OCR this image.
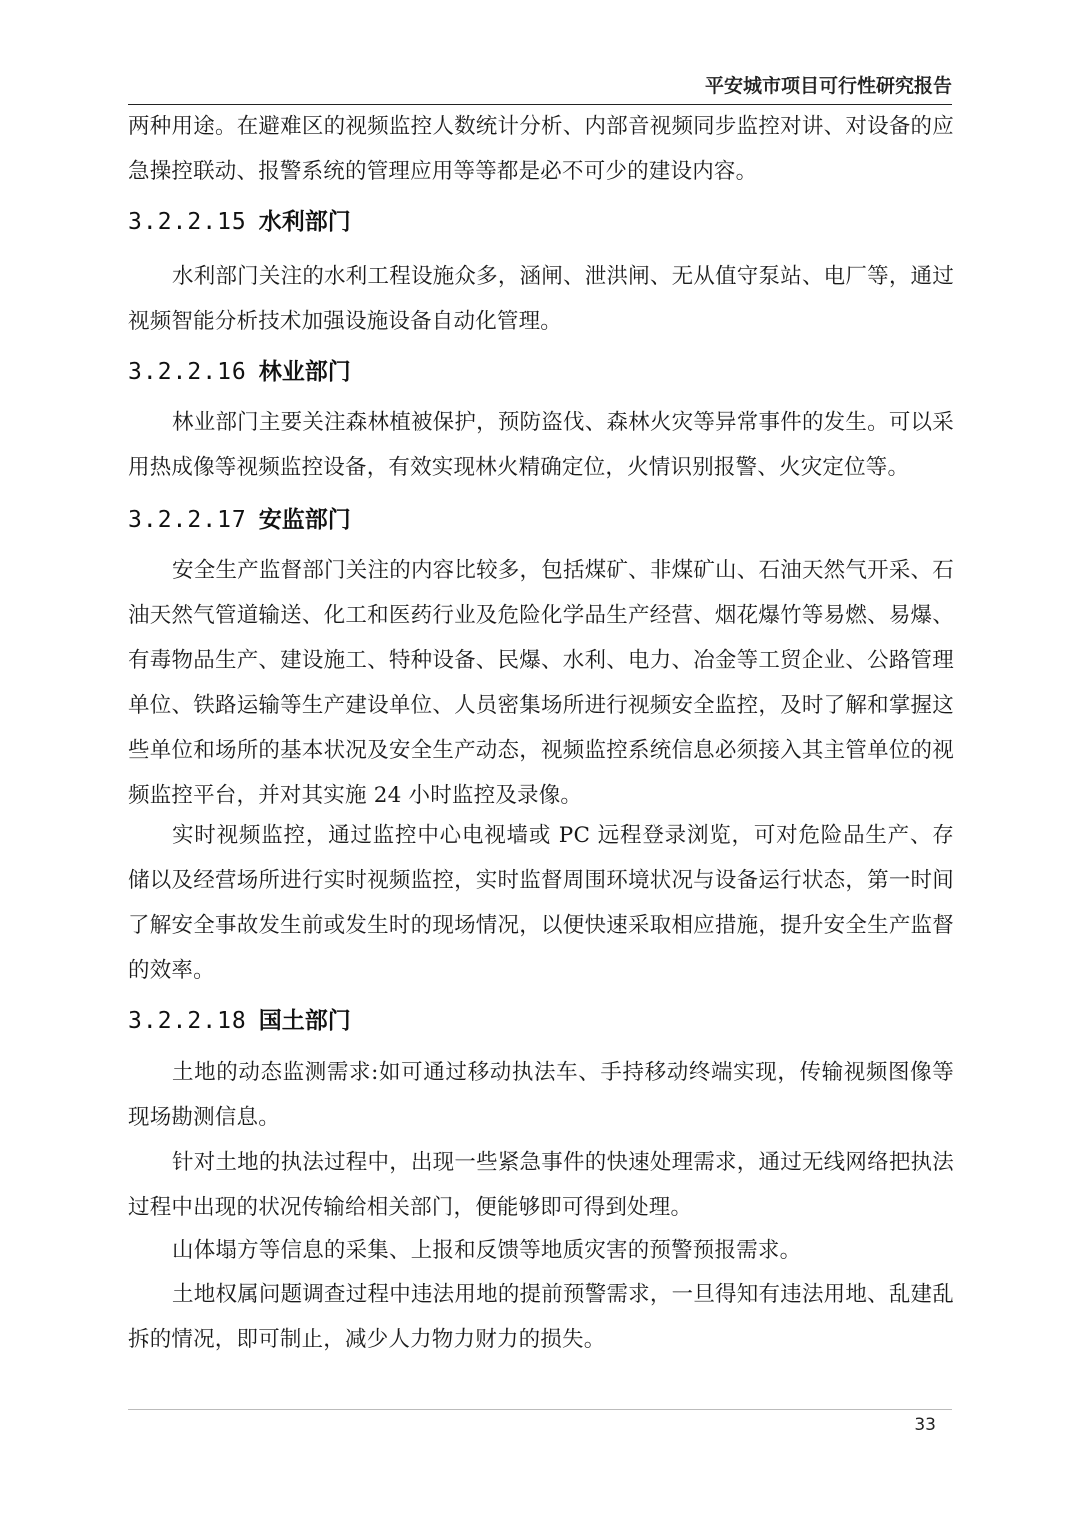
平安城市项目可行性研究报告

两种用途。在避难区的视频监控人数统计分析、内部音视频同步监控对讲、对设备的应急操控联动、报警系统的管理应用等等都是必不可少的建设内容。

3.2.2.15 水利部门

水利部门关注的水利工程设施众多，涵闸、泄洪闸、无从值守泵站、电厂等，通过视频智能分析技术加强设施设备自动化管理。

3.2.2.16 林业部门

林业部门主要关注森林植被保护，预防盗伐、森林火灾等异常事件的发生。可以采用热成像等视频监控设备，有效实现林火精确定位，火情识别报警、火灾定位等。

3.2.2.17 安监部门

安全生产监督部门关注的内容比较多，包括煤矿、非煤矿山、石油天然气开采、石油天然气管道输送、化工和医药行业及危险化学品生产经营、烟花爆竹等易燃、易爆、有毒物品生产、建设施工、特种设备、民爆、水利、电力、冶金等工贸企业、公路管理单位、铁路运输等生产建设单位、人员密集场所进行视频安全监控，及时了解和掌握这些单位和场所的基本状况及安全生产动态，视频监控系统信息必须接入其主管单位的视频监控平台，并对其实施 24 小时监控及录像。

实时视频监控，通过监控中心电视墙或 PC 远程登录浏览，可对危险品生产、存储以及经营场所进行实时视频监控，实时监督周围环境状况与设备运行状态，第一时间了解安全事故发生前或发生时的现场情况，以便快速采取相应措施，提升安全生产监督的效率。

3.2.2.18 国土部门

土地的动态监测需求:如可通过移动执法车、手持移动终端实现，传输视频图像等现场勘测信息。

针对土地的执法过程中，出现一些紧急事件的快速处理需求，通过无线网络把执法过程中出现的状况传输给相关部门，便能够即可得到处理。

山体塌方等信息的采集、上报和反馈等地质灾害的预警预报需求。

土地权属问题调查过程中违法用地的提前预警需求，一旦得知有违法用地、乱建乱拆的情况，即可制止，减少人力物力财力的损失。

33
